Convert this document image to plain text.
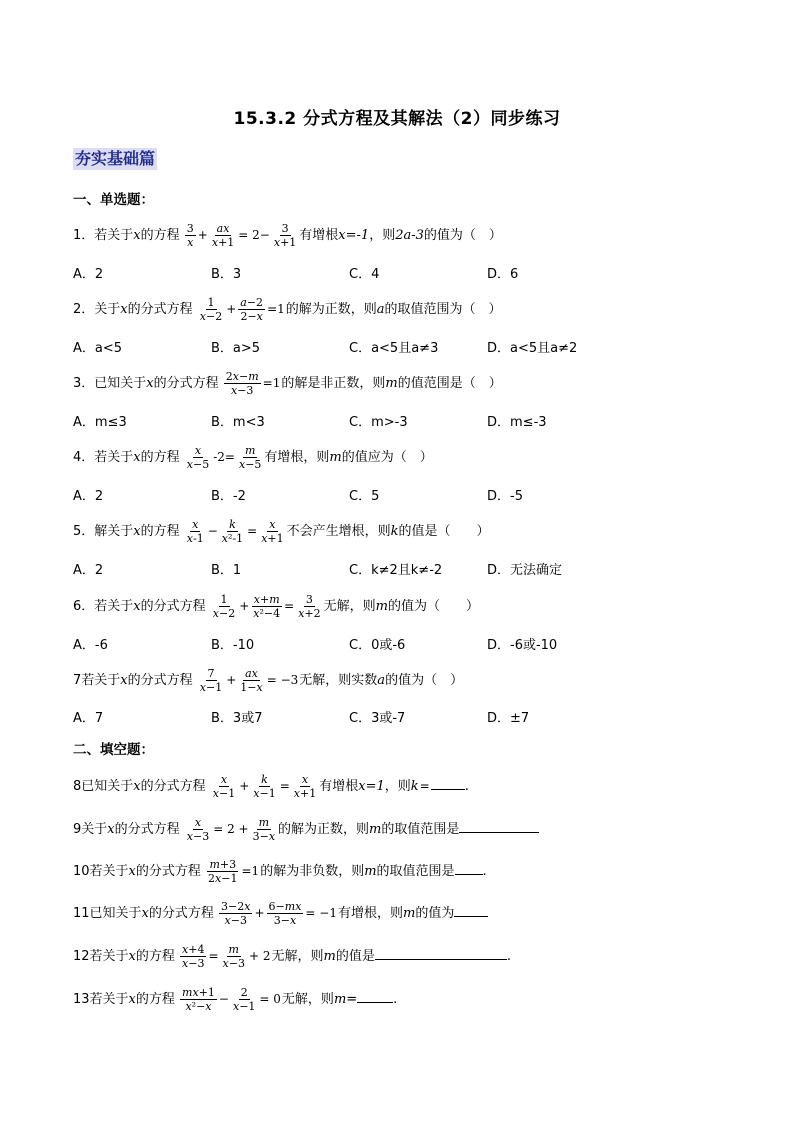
15.3.2 分式方程及其解法（2）同步练习
夯实基础篇
一、单选题：
1．若关于x的方程 $\frac{3}{x} + \frac{ax}{x+1} = 2- \frac{3}{x+1}$ 有增根x=-1，则2a-3的值为（　）
A．2	B．3	C．4	D．6
2．关于x的分式方程 $\frac{1}{x-2} + \frac{a-2}{2-x} =1$的解为正数，则a的取值范围为（　）
A．a<5	B．a>5	C．a<5且a≠3	D．a<5且a≠2
3．已知关于x的分式方程 $\frac{2x-m}{x-3} =1$的解是非正数，则m的值范围是（　）
A．m≤3	B．m<3	C．m>-3	D．m≤-3
4．若关于x的方程 $\frac{x}{x-5} -2= \frac{m}{x-5}$ 有增根，则m的值应为（　）
A．2	B．-2	C．5	D．-5
5．解关于x的方程 $\frac{x}{x-1} - \frac{k}{\text{x²-1}} = \frac{x}{x+1}$ 不会产生增根，则k的值是（　　）
A．2	B．1	C．k≠2且k≠-2	D．无法确定
6．若关于x的分式方程 $\frac{1}{x-2} + \frac{x+m}{\text{x²−4}} = \frac{3}{x+2}$ 无解，则m的值为（　　）
A．-6	B．-10	C．0或-6	D．-6或-10
7若关于x的分式方程 $\frac{7}{x-1} + \frac{ax}{1-x} = -3$无解，则实数a的值为（　）
A．7	B．3或7	C．3或-7	D．±7
二、填空题：
8已知关于x的分式方程 $\frac{x}{x-1} + \frac{k}{x-1} = \frac{x}{x+1}$ 有增根x=1，则k=	.
9关于x的分式方程 $\frac{x}{x-3} = 2 + \frac{m}{3-x}$ 的解为正数，则m的取值范围是
10若关于x的分式方程 $\frac{m+3}{2x-1} =1$的解为非负数，则m的取值范围是 .
11已知关于x的分式方程 $\frac{3-2x}{x-3} + \frac{6-mx}{3-x} = -1$有增根，则m的值为
12若关于x的方程 $\frac{x+4}{x-3} = \frac{m}{x-3} + 2$无解，则m的值是	.
13若关于x的方程 $\frac{mx+1}{\text{x²−x}} - \frac{2}{x-1} = 0$无解，则m=	.
